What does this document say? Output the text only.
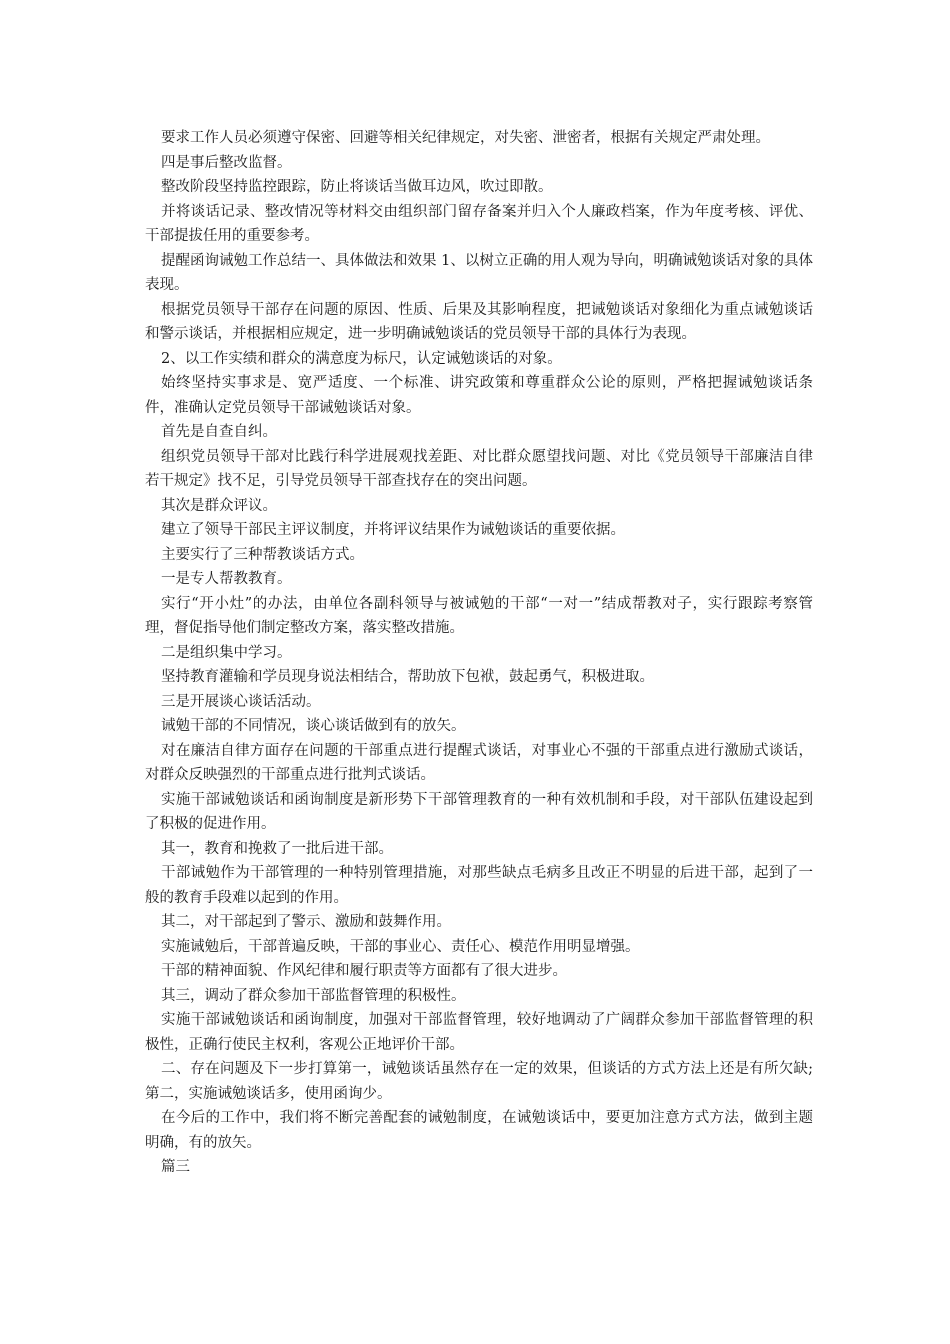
要求工作人员必须遵守保密、回避等相关纪律规定，对失密、泄密者，根据有关规定严肃处理。

四是事后整改监督。

整改阶段坚持监控跟踪，防止将谈话当做耳边风，吹过即散。

并将谈话记录、整改情况等材料交由组织部门留存备案并归入个人廉政档案，作为年度考核、评优、干部提拔任用的重要参考。

提醒函询诫勉工作总结一、具体做法和效果 1、以树立正确的用人观为导向，明确诫勉谈话对象的具体表现。

根据党员领导干部存在问题的原因、性质、后果及其影响程度，把诫勉谈话对象细化为重点诫勉谈话和警示谈话，并根据相应规定，进一步明确诫勉谈话的党员领导干部的具体行为表现。

2、以工作实绩和群众的满意度为标尺，认定诫勉谈话的对象。

始终坚持实事求是、宽严适度、一个标准、讲究政策和尊重群众公论的原则，严格把握诫勉谈话条件，准确认定党员领导干部诫勉谈话对象。

首先是自查自纠。

组织党员领导干部对比践行科学进展观找差距、对比群众愿望找问题、对比《党员领导干部廉洁自律若干规定》找不足，引导党员领导干部查找存在的突出问题。

其次是群众评议。

建立了领导干部民主评议制度，并将评议结果作为诫勉谈话的重要依据。

主要实行了三种帮教谈话方式。

一是专人帮教教育。

实行“开小灶”的办法，由单位各副科领导与被诫勉的干部“一对一”结成帮教对子，实行跟踪考察管理，督促指导他们制定整改方案，落实整改措施。

二是组织集中学习。

坚持教育灌输和学员现身说法相结合，帮助放下包袱，鼓起勇气，积极进取。

三是开展谈心谈话活动。

诫勉干部的不同情况，谈心谈话做到有的放矢。

对在廉洁自律方面存在问题的干部重点进行提醒式谈话，对事业心不强的干部重点进行激励式谈话，对群众反映强烈的干部重点进行批判式谈话。

实施干部诫勉谈话和函询制度是新形势下干部管理教育的一种有效机制和手段，对干部队伍建设起到了积极的促进作用。

其一，教育和挽救了一批后进干部。

干部诫勉作为干部管理的一种特别管理措施，对那些缺点毛病多且改正不明显的后进干部，起到了一般的教育手段难以起到的作用。

其二，对干部起到了警示、激励和鼓舞作用。

实施诫勉后，干部普遍反映，干部的事业心、责任心、模范作用明显增强。

干部的精神面貌、作风纪律和履行职责等方面都有了很大进步。

其三，调动了群众参加干部监督管理的积极性。

实施干部诫勉谈话和函询制度，加强对干部监督管理，较好地调动了广阔群众参加干部监督管理的积极性，正确行使民主权利，客观公正地评价干部。

二、存在问题及下一步打算第一，诫勉谈话虽然存在一定的效果，但谈话的方式方法上还是有所欠缺;第二，实施诫勉谈话多，使用函询少。

在今后的工作中，我们将不断完善配套的诫勉制度，在诫勉谈话中，要更加注意方式方法，做到主题明确，有的放矢。

篇三
